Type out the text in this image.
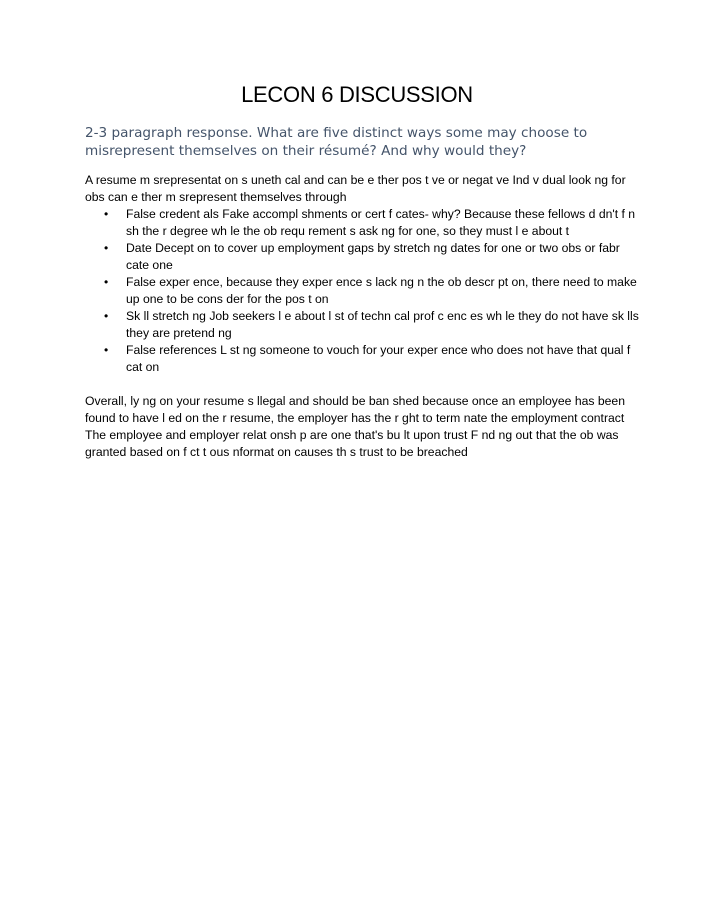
LECON 6 DISCUSSION
2-3 paragraph response. What are ﬁve distinct ways some may choose to misrepresent themselves on their résumé? And why would they?

A resume m srepresentat on s uneth cal and can be e ther pos t ve or negat ve Ind v dual look ng for obs can e ther m srepresent themselves through

• False credent als Fake accompl shments or cert f cates- why? Because these fellows d dn't f n sh the r degree wh le the ob requ rement s ask ng for one, so they must l e about t
• Date Decept on to cover up employment gaps by stretch ng dates for one or two obs or fabr cate one
• False exper ence, because they exper ence s lack ng n the ob descr pt on, there need to make up one to be cons der for the pos t on
• Sk ll stretch ng Job seekers l e about l st of techn cal prof c enc es wh le they do not have sk lls they are pretend ng
• False references L st ng someone to vouch for your exper ence who does not have that qual f cat on

Overall, ly ng on your resume s llegal and should be ban shed because once an employee has been found to have l ed on the r resume, the employer has the r ght to term nate the employment contract The employee and employer relat onsh p are one that's bu lt upon trust F nd ng out that the ob was granted based on f ct t ous nformat on causes th s trust to be breached
